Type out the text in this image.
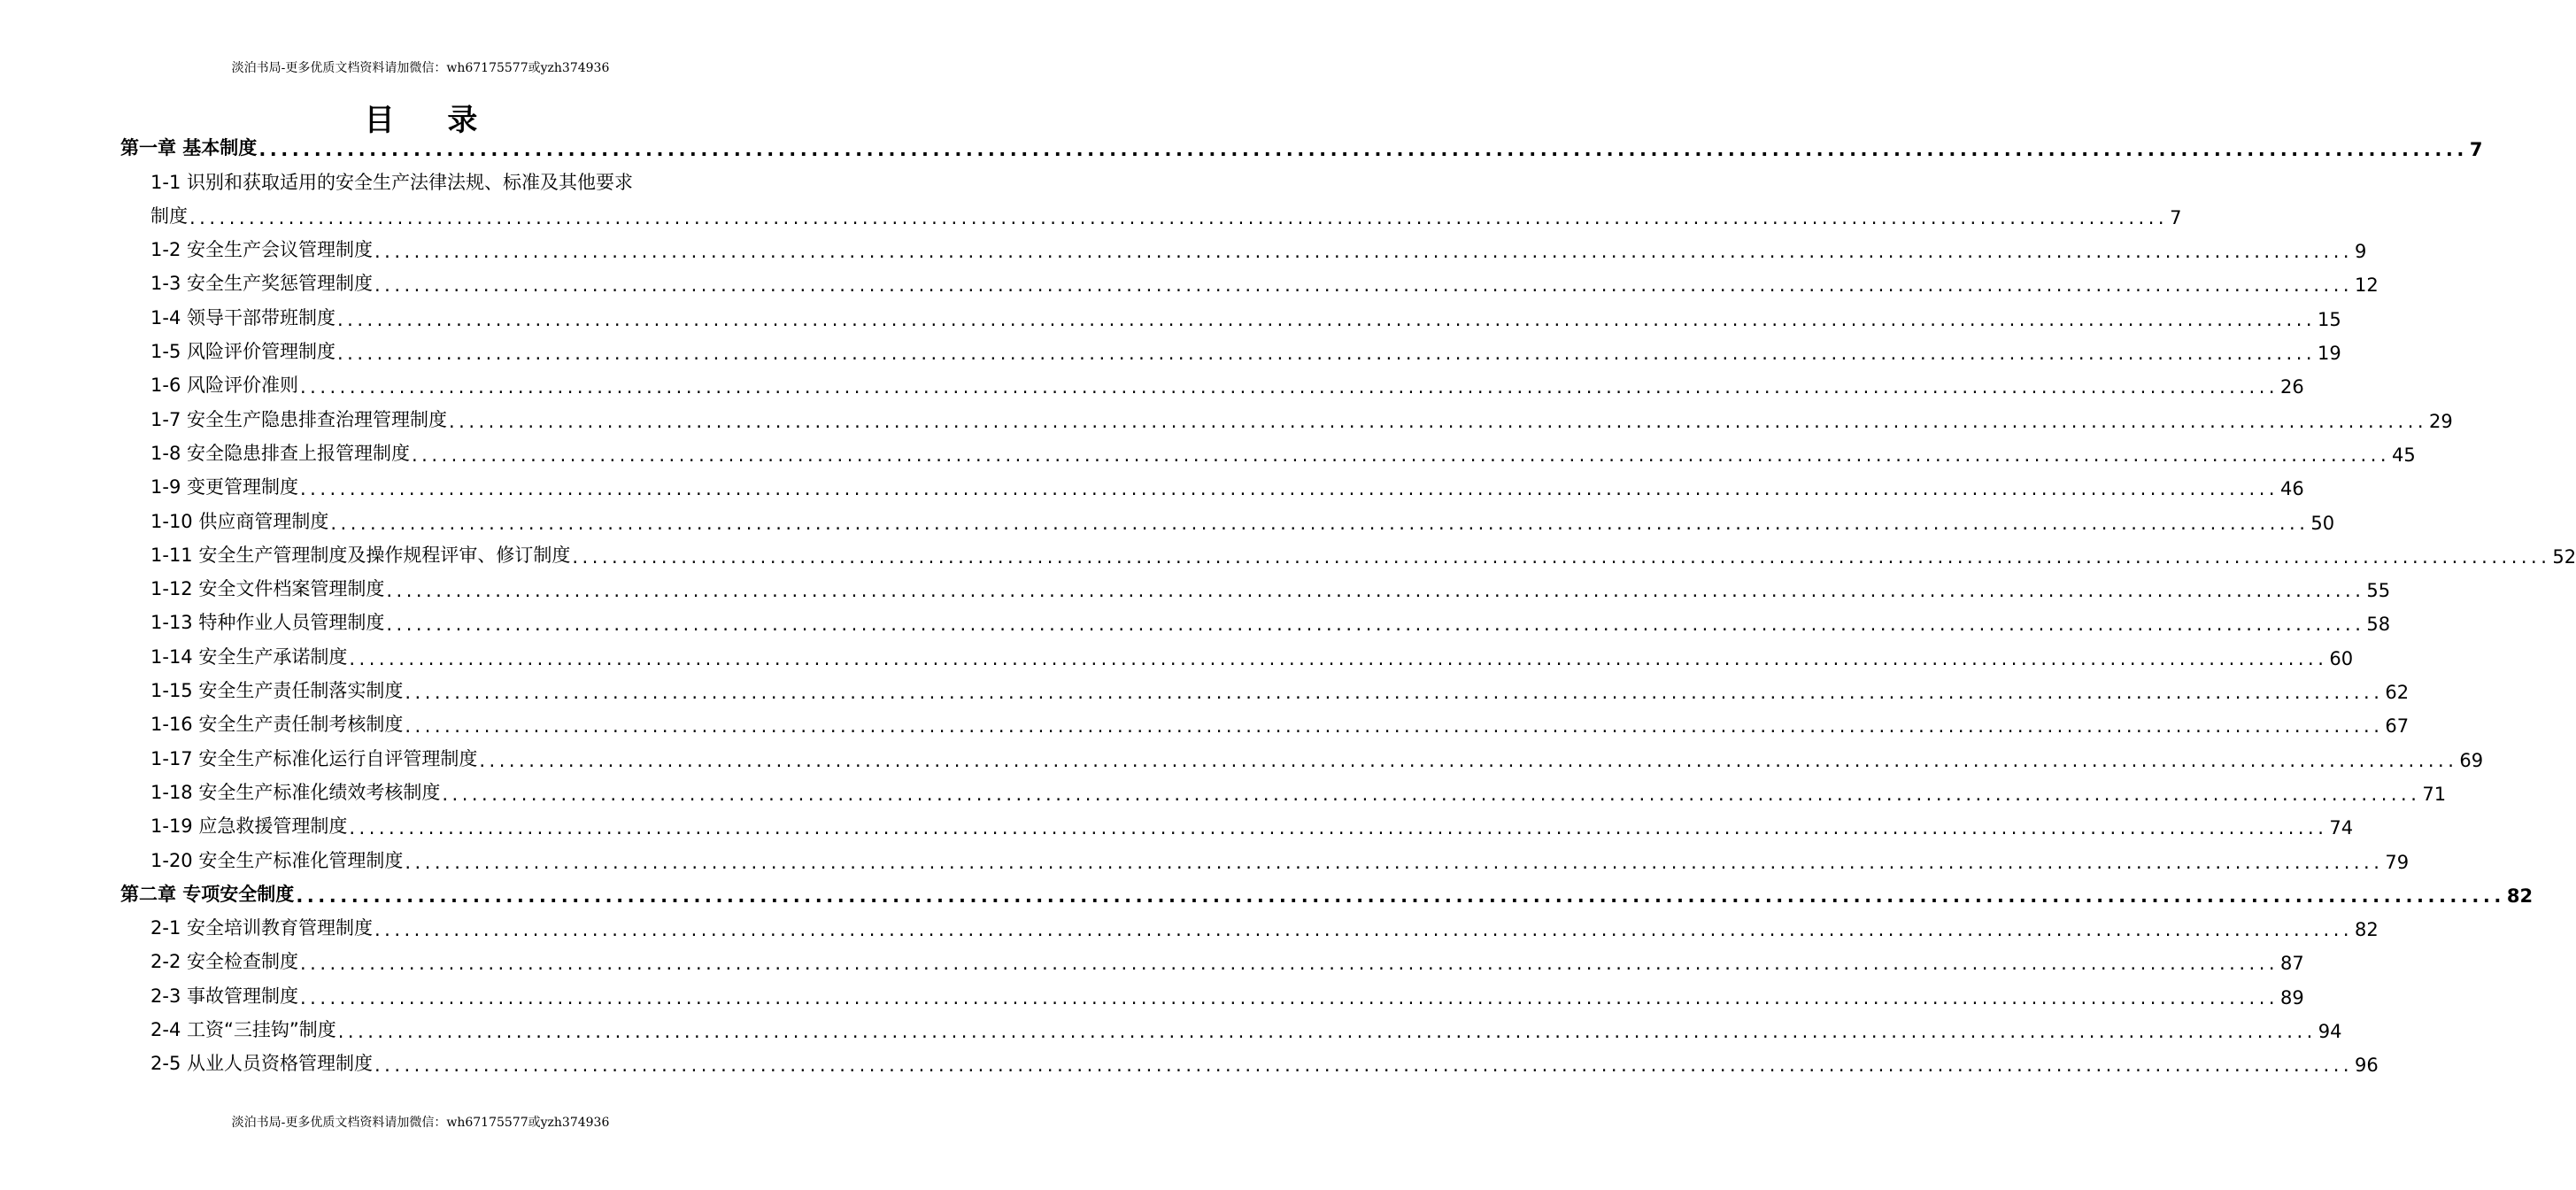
淡泊书局-更多优质文档资料请加微信：wh67175577或yzh374936
目 录
第一章 基本制度 ........................................................................................................................................................................................................ 7
1-1 识别和获取适用的安全生产法律法规、标准及其他要求
制度 ........................................................................................................................................................................................................ 7
1-2 安全生产会议管理制度 ........................................................................................................................................................................................................ 9
1-3 安全生产奖惩管理制度 ........................................................................................................................................................................................................ 12
1-4 领导干部带班制度 ........................................................................................................................................................................................................ 15
1-5 风险评价管理制度 ........................................................................................................................................................................................................ 19
1-6 风险评价准则 ........................................................................................................................................................................................................ 26
1-7 安全生产隐患排查治理管理制度 ........................................................................................................................................................................................................ 29
1-8 安全隐患排查上报管理制度 ........................................................................................................................................................................................................ 45
1-9 变更管理制度 ........................................................................................................................................................................................................ 46
1-10 供应商管理制度 ........................................................................................................................................................................................................ 50
1-11 安全生产管理制度及操作规程评审、修订制度 ........................................................................................................................................................................................................ 52
1-12 安全文件档案管理制度 ........................................................................................................................................................................................................ 55
1-13 特种作业人员管理制度 ........................................................................................................................................................................................................ 58
1-14 安全生产承诺制度 ........................................................................................................................................................................................................ 60
1-15 安全生产责任制落实制度 ........................................................................................................................................................................................................ 62
1-16 安全生产责任制考核制度 ........................................................................................................................................................................................................ 67
1-17 安全生产标准化运行自评管理制度 ........................................................................................................................................................................................................ 69
1-18 安全生产标准化绩效考核制度 ........................................................................................................................................................................................................ 71
1-19 应急救援管理制度 ........................................................................................................................................................................................................ 74
1-20 安全生产标准化管理制度 ........................................................................................................................................................................................................ 79
第二章 专项安全制度 ........................................................................................................................................................................................................ 82
2-1 安全培训教育管理制度 ........................................................................................................................................................................................................ 82
2-2 安全检查制度 ........................................................................................................................................................................................................ 87
2-3 事故管理制度 ........................................................................................................................................................................................................ 89
2-4 工资“三挂钩”制度 ........................................................................................................................................................................................................ 94
2-5 从业人员资格管理制度 ........................................................................................................................................................................................................ 96
淡泊书局-更多优质文档资料请加微信：wh67175577或yzh374936
